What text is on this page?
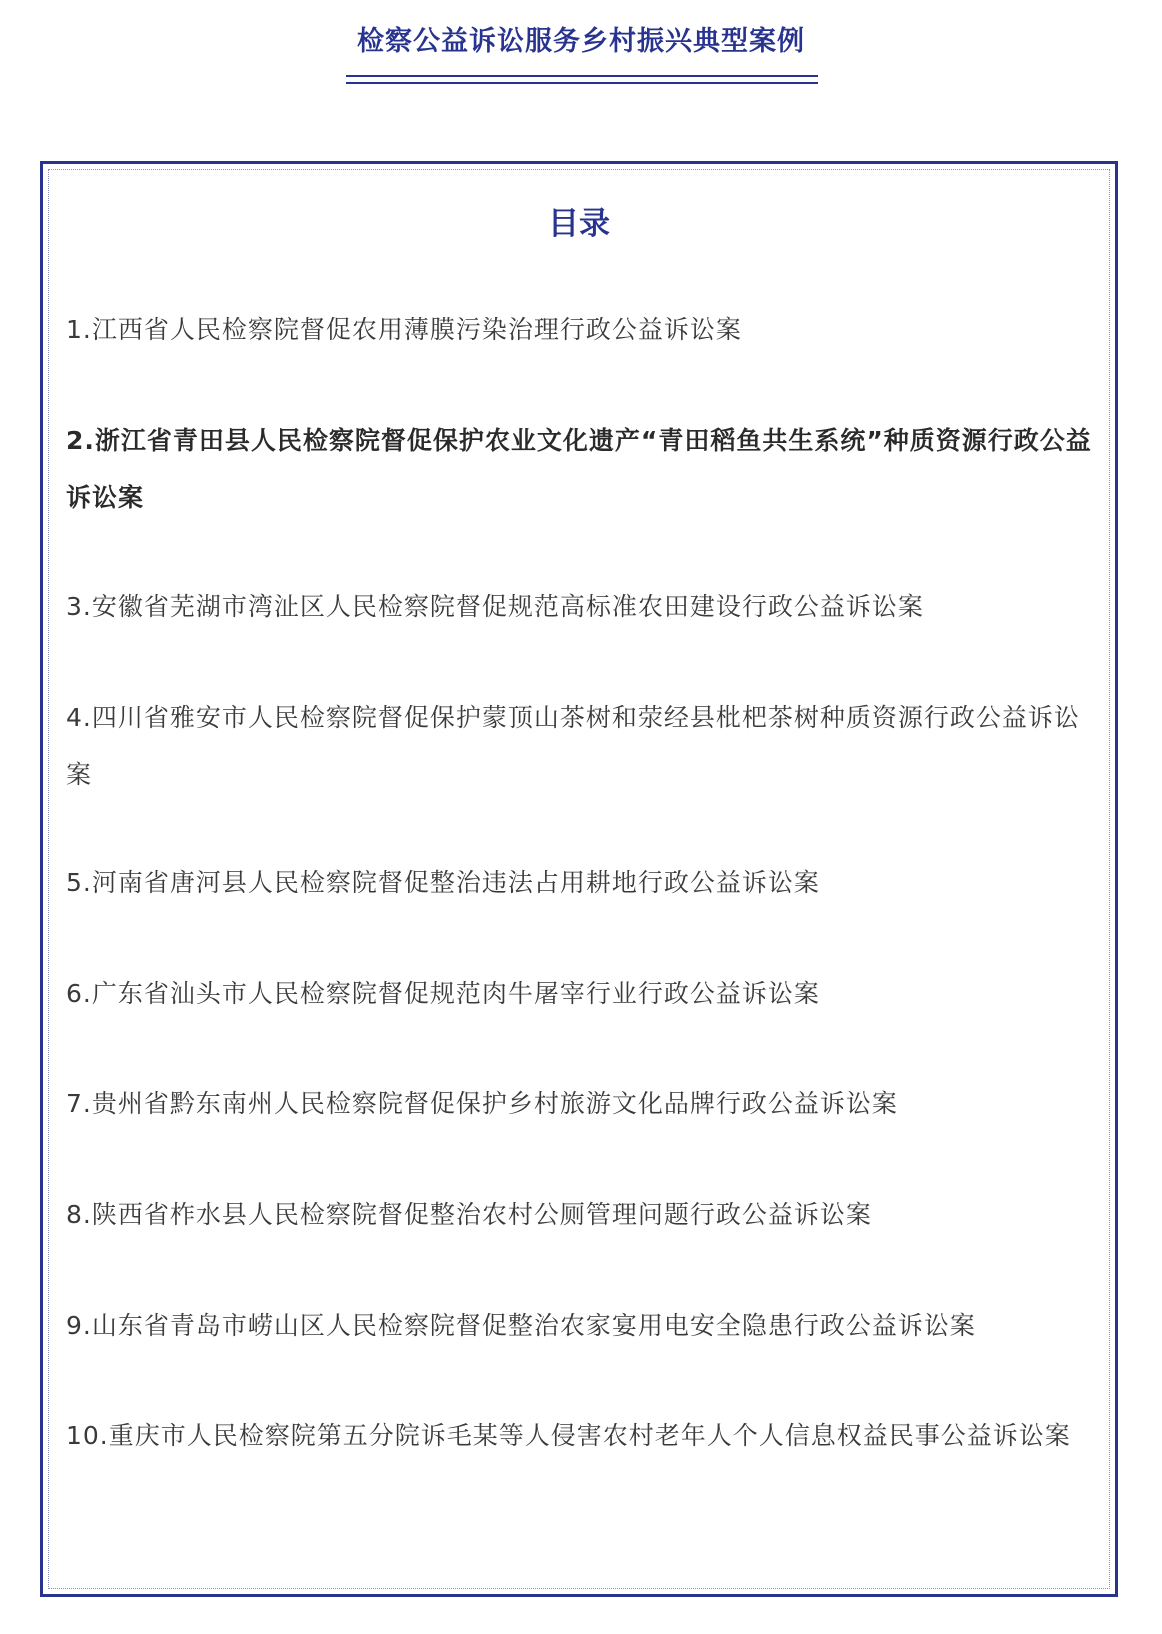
检察公益诉讼服务乡村振兴典型案例
目录
1.江西省人民检察院督促农用薄膜污染治理行政公益诉讼案
2.浙江省青田县人民检察院督促保护农业文化遗产“青田稻鱼共生系统”种质资源行政公益诉讼案
3.安徽省芜湖市湾沚区人民检察院督促规范高标准农田建设行政公益诉讼案
4.四川省雅安市人民检察院督促保护蒙顶山茶树和荥经县枇杷茶树种质资源行政公益诉讼案
5.河南省唐河县人民检察院督促整治违法占用耕地行政公益诉讼案
6.广东省汕头市人民检察院督促规范肉牛屠宰行业行政公益诉讼案
7.贵州省黔东南州人民检察院督促保护乡村旅游文化品牌行政公益诉讼案
8.陕西省柞水县人民检察院督促整治农村公厕管理问题行政公益诉讼案
9.山东省青岛市崂山区人民检察院督促整治农家宴用电安全隐患行政公益诉讼案
10.重庆市人民检察院第五分院诉毛某等人侵害农村老年人个人信息权益民事公益诉讼案
